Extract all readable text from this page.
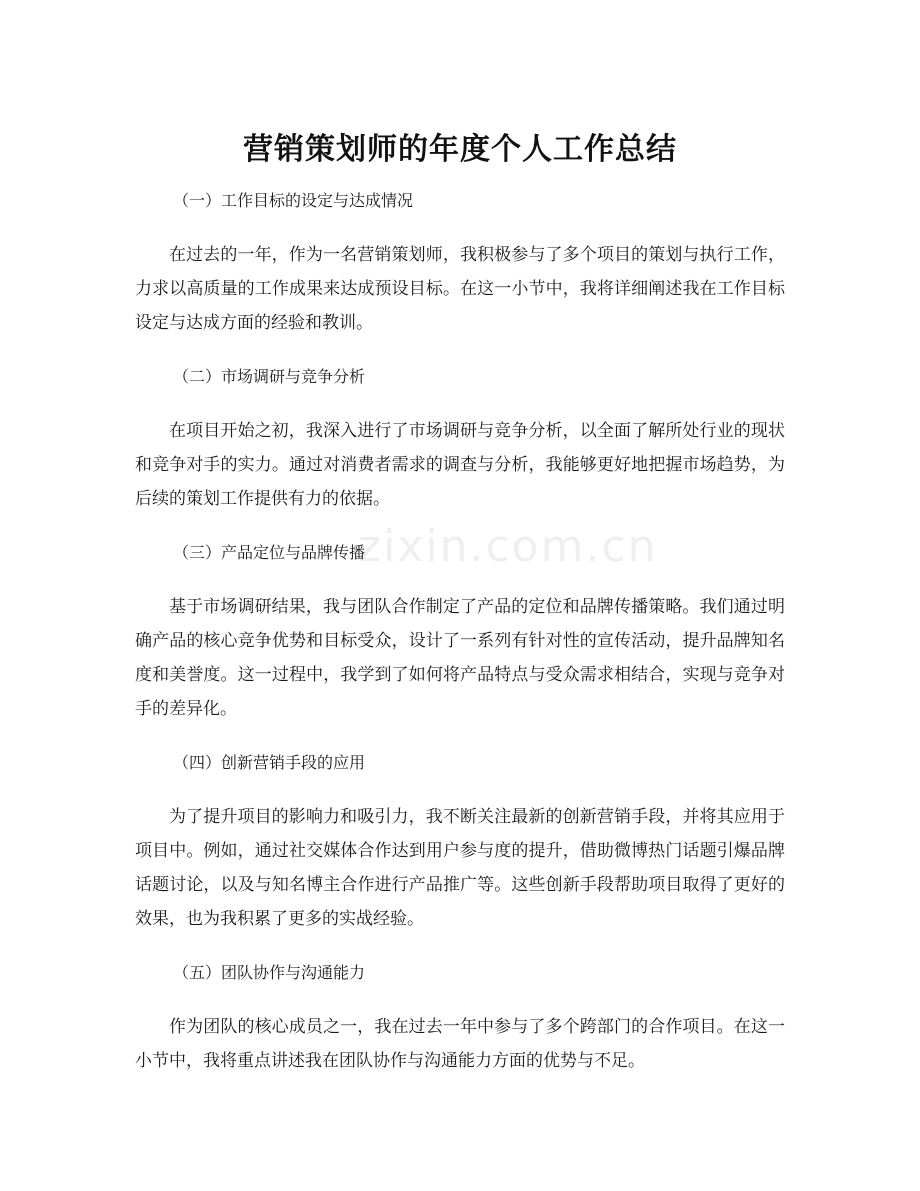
zixin.com.cn
营销策划师的年度个人工作总结
（一）工作目标的设定与达成情况

在过去的一年，作为一名营销策划师，我积极参与了多个项目的策划与执行工作，力求以高质量的工作成果来达成预设目标。在这一小节中，我将详细阐述我在工作目标设定与达成方面的经验和教训。

（二）市场调研与竞争分析

在项目开始之初，我深入进行了市场调研与竞争分析，以全面了解所处行业的现状和竞争对手的实力。通过对消费者需求的调查与分析，我能够更好地把握市场趋势，为后续的策划工作提供有力的依据。

（三）产品定位与品牌传播

基于市场调研结果，我与团队合作制定了产品的定位和品牌传播策略。我们通过明确产品的核心竞争优势和目标受众，设计了一系列有针对性的宣传活动，提升品牌知名度和美誉度。这一过程中，我学到了如何将产品特点与受众需求相结合，实现与竞争对手的差异化。

（四）创新营销手段的应用

为了提升项目的影响力和吸引力，我不断关注最新的创新营销手段，并将其应用于项目中。例如，通过社交媒体合作达到用户参与度的提升，借助微博热门话题引爆品牌话题讨论，以及与知名博主合作进行产品推广等。这些创新手段帮助项目取得了更好的效果，也为我积累了更多的实战经验。

（五）团队协作与沟通能力

作为团队的核心成员之一，我在过去一年中参与了多个跨部门的合作项目。在这一小节中，我将重点讲述我在团队协作与沟通能力方面的优势与不足。
